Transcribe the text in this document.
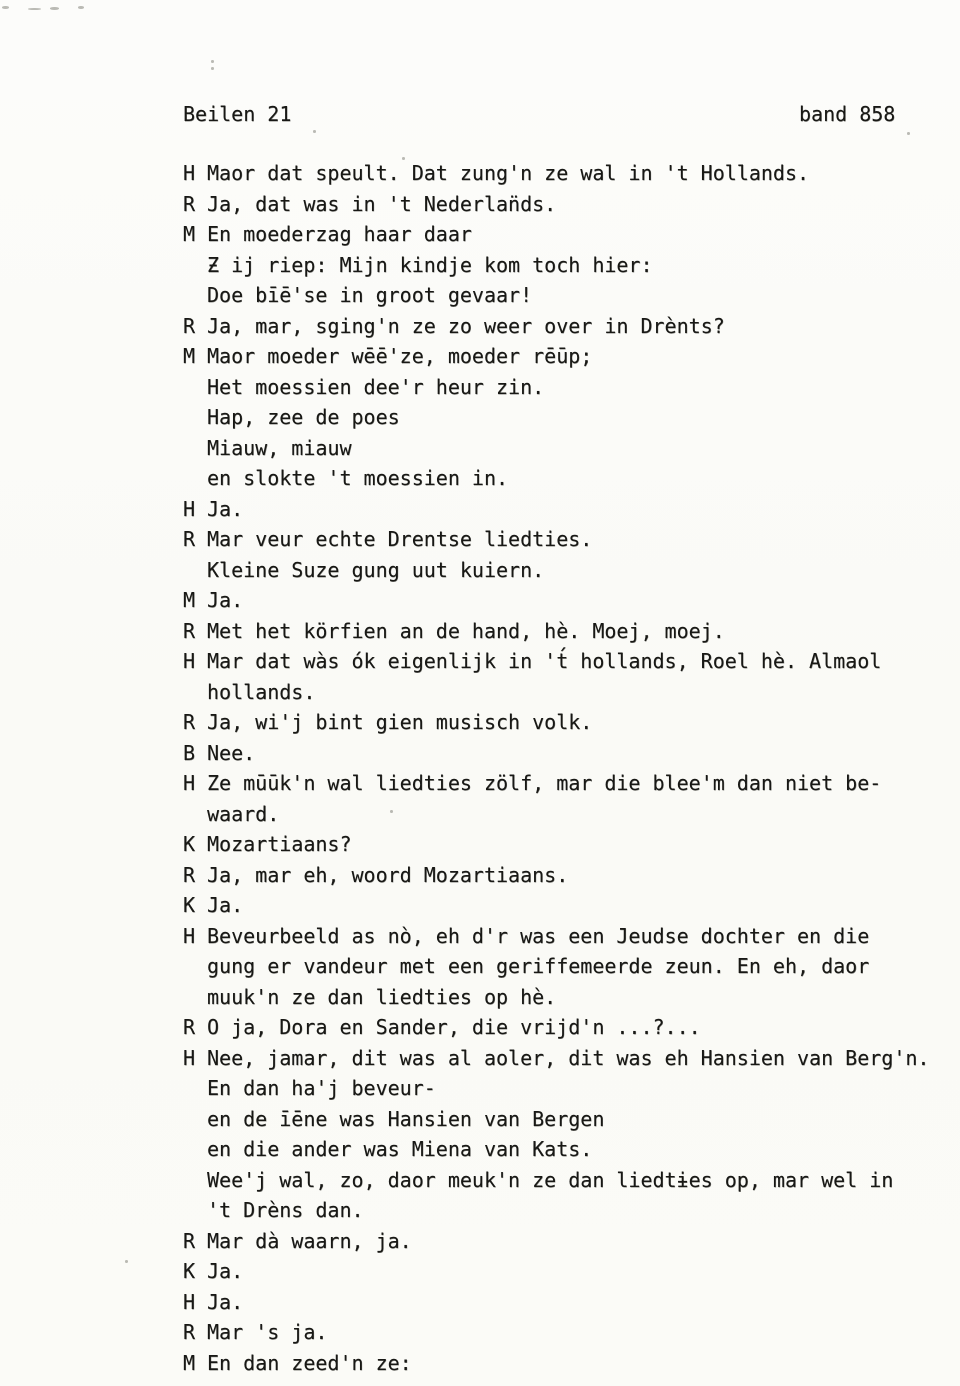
Beilen 21	band 858
H Maor dat speult. Dat zung'n ze wal in 't Hollands.
R Ja, dat was in 't Nederlan̈ds.
M En moederzag haar daar
Ƶ ij riep: Mijn kindje kom toch hier:
Doe bīē'se in groot gevaar!
R Ja, mar, sging'n ze zo weer over in Drènts?
M Maor moeder wēē'ze, moeder rēūp;
Het moessien dee'r heur zin.
Hap, zee de poes
Miauw, miauw
en slokte 't moessien in.
H Ja.
R Mar veur echte Drentse liedties.
Kleine Suze gung uut kuiern.
M Ja.
R Met het körfien an de hand, hè. Moej, moej.
H Mar dat wàs ók eigenlijk in 't́ hollands, Roel hè. Almaol
hollands.
R Ja, wi'j bint gien musisch volk.
B Nee.
H Ze mūūk'n wal liedties zölf, mar die blee'm dan niet be-
waard.
K Mozartiaans?
R Ja, mar eh, woord Mozartiaans.
K Ja.
H Beveurbeeld as nò, eh d'r was een Jeudse dochter en die
gung er vandeur met een geriffemeerde zeun. En eh, daor
muuk'n ze dan liedties op hè.
R O ja, Dora en Sander, die vrijd'n ...?...
H Nee, jamar, dit was al aoler, dit was eh Hansien van Berg'n.
En dan ha'j beveur-
en de īēne was Hansien van Bergen
en die ander was Miena van Kats.
Wee'j wal, zo, daor meuk'n ze dan liedtɨes op, mar wel in
't Drèns dan.
R Mar dà waarn, ja.
K Ja.
H Ja.
R Mar 's ja.
M En dan zeed'n ze:
